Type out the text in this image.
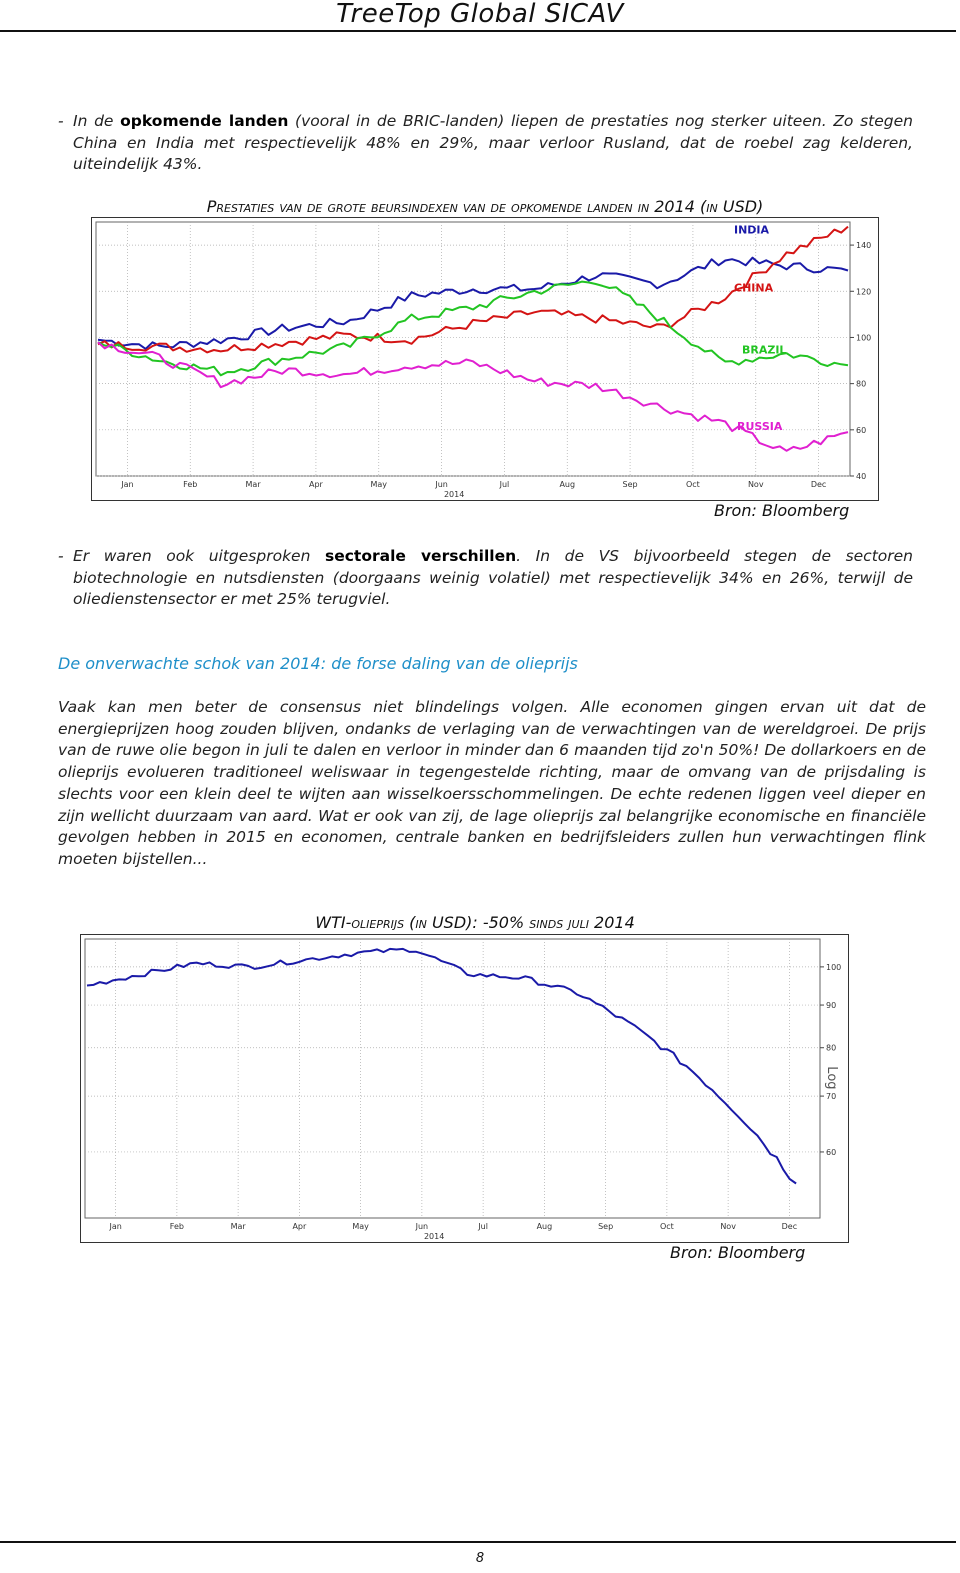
TreeTop Global SICAV
- In de opkomende landen (vooral in de BRIC-landen) liepen de prestaties nog sterker uiteen. Zo stegen China en India met respectievelijk 48% en 29%, maar verloor Rusland, dat de roebel zag kelderen, uiteindelijk 43%.
Prestaties van de grote beursindexen van de opkomende landen in 2014 (in USD)
40
60
80
100
120
140
Jan	Feb	Mar	Apr	May	Jun	Jul	Aug	Sep	Oct	Nov	Dec
2014
INDIA
CHINA
BRAZIL
RUSSIA
Bron: Bloomberg
- Er waren ook uitgesproken sectorale verschillen. In de VS bijvoorbeeld stegen de sectoren biotechnologie en nutsdiensten (doorgaans weinig volatiel) met respectievelijk 34% en 26%, terwijl de oliedienstensector er met 25% terugviel.
De onverwachte schok van 2014: de forse daling van de olieprijs
Vaak kan men beter de consensus niet blindelings volgen. Alle economen gingen ervan uit dat de energieprijzen hoog zouden blijven, ondanks de verlaging van de verwachtingen van de wereldgroei. De prijs van de ruwe olie begon in juli te dalen en verloor in minder dan 6 maanden tijd zo'n 50%! De dollarkoers en de olieprijs evolueren traditioneel weliswaar in tegengestelde richting, maar de omvang van de prijsdaling is slechts voor een klein deel te wijten aan wisselkoersschommelingen. De echte redenen liggen veel dieper en zijn wellicht duurzaam van aard. Wat er ook van zij, de lage olieprijs zal belangrijke economische en financiële gevolgen hebben in 2015 en economen, centrale banken en bedrijfsleiders zullen hun verwachtingen flink moeten bijstellen...
WTI-olieprijs (in USD): -50% sinds juli 2014
60
70
80
90
100
Jan	Feb	Mar	Apr	May	Jun	Jul	Aug	Sep	Oct	Nov	Dec
2014
Log
Bron: Bloomberg
8
